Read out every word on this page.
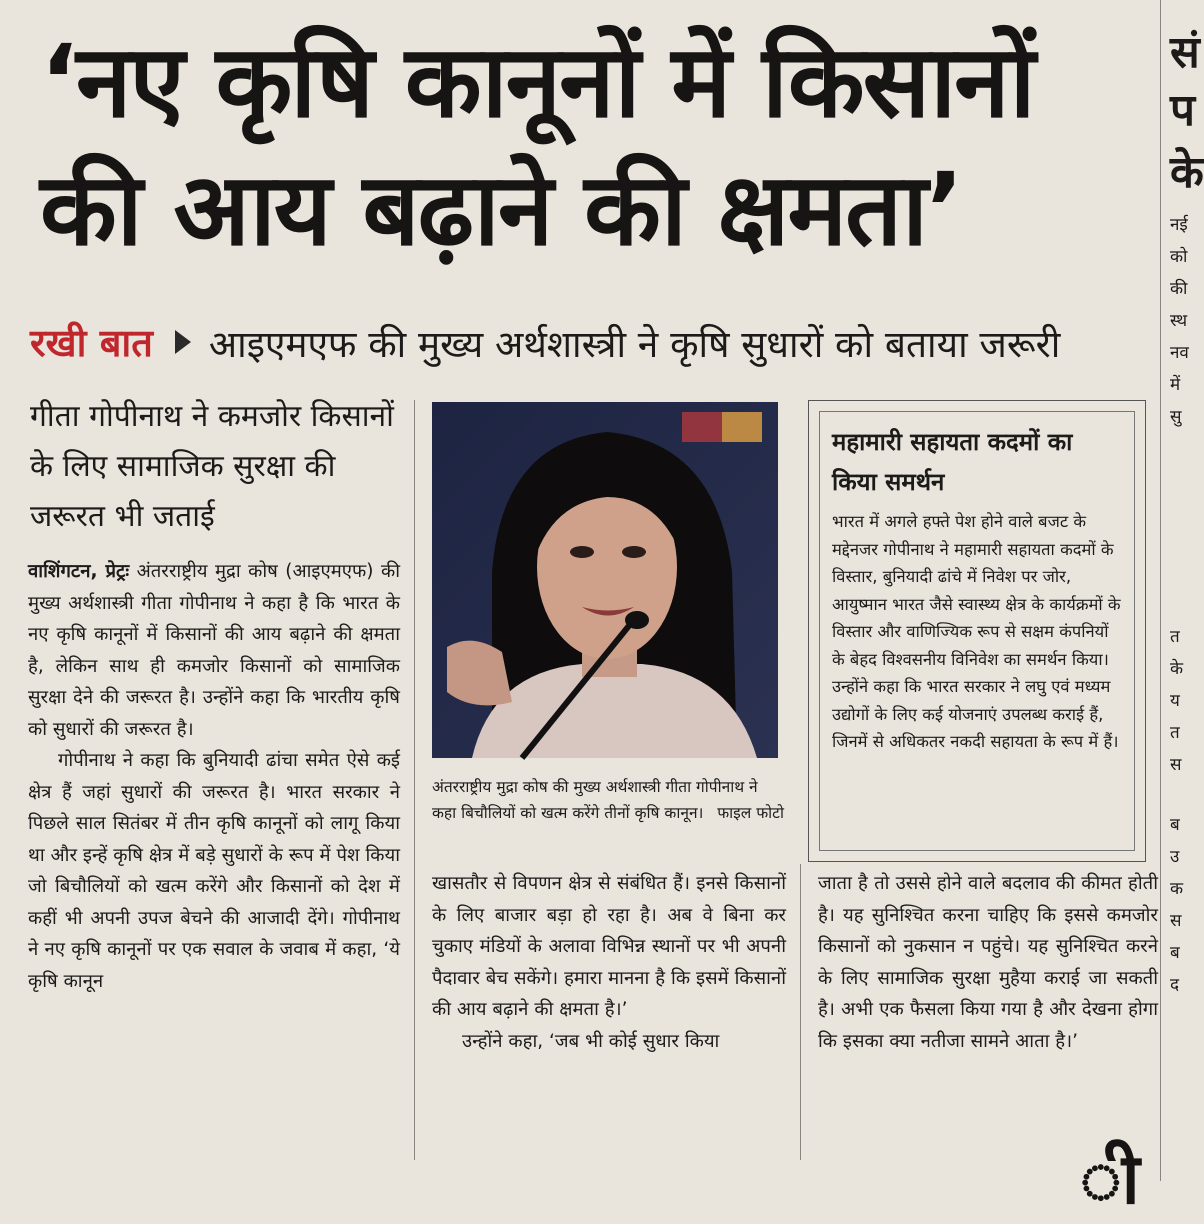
‘नए कृषि कानूनों में किसानों
की आय बढ़ाने की क्षमता’
रखी बात आइएमएफ की मुख्य अर्थशास्त्री ने कृषि सुधारों को बताया जरूरी
गीता गोपीनाथ ने कमजोर किसानों के लिए सामाजिक सुरक्षा की जरूरत भी जताई

वाशिंगटन, प्रेट्रः अंतरराष्ट्रीय मुद्रा कोष (आइएमएफ) की मुख्य अर्थशास्त्री गीता गोपीनाथ ने कहा है कि भारत के नए कृषि कानूनों में किसानों की आय बढ़ाने की क्षमता है, लेकिन साथ ही कमजोर किसानों को सामाजिक सुरक्षा देने की जरूरत है। उन्होंने कहा कि भारतीय कृषि को सुधारों की जरूरत है।

गोपीनाथ ने कहा कि बुनियादी ढांचा समेत ऐसे कई क्षेत्र हैं जहां सुधारों की जरूरत है। भारत सरकार ने पिछले साल सितंबर में तीन कृषि कानूनों को लागू किया था और इन्हें कृषि क्षेत्र में बड़े सुधारों के रूप में पेश किया जो बिचौलियों को खत्म करेंगे और किसानों को देश में कहीं भी अपनी उपज बेचने की आजादी देंगे। गोपीनाथ ने नए कृषि कानूनों पर एक सवाल के जवाब में कहा, ‘ये कृषि कानून

अंतरराष्ट्रीय मुद्रा कोष की मुख्य अर्थशास्त्री गीता गोपीनाथ ने कहा बिचौलियों को खत्म करेंगे तीनों कृषि कानून। फाइल फोटो

खासतौर से विपणन क्षेत्र से संबंधित हैं। इनसे किसानों के लिए बाजार बड़ा हो रहा है। अब वे बिना कर चुकाए मंडियों के अलावा विभिन्न स्थानों पर भी अपनी पैदावार बेच सकेंगे। हमारा मानना है कि इसमें किसानों की आय बढ़ाने की क्षमता है।’

उन्होंने कहा, ‘जब भी कोई सुधार किया

महामारी सहायता कदमों का किया समर्थन

भारत में अगले हफ्ते पेश होने वाले बजट के मद्देनजर गोपीनाथ ने महामारी सहायता कदमों के विस्तार, बुनियादी ढांचे में निवेश पर जोर, आयुष्मान भारत जैसे स्वास्थ्य क्षेत्र के कार्यक्रमों के विस्तार और वाणिज्यिक रूप से सक्षम कंपनियों के बेहद विश्वसनीय विनिवेश का समर्थन किया। उन्होंने कहा कि भारत सरकार ने लघु एवं मध्यम उद्योगों के लिए कई योजनाएं उपलब्ध कराई हैं, जिनमें से अधिकतर नकदी सहायता के रूप में हैं।

जाता है तो उससे होने वाले बदलाव की कीमत होती है। यह सुनिश्चित करना चाहिए कि इससे कमजोर किसानों को नुकसान न पहुंचे। यह सुनिश्चित करने के लिए सामाजिक सुरक्षा मुहैया कराई जा सकती है। अभी एक फैसला किया गया है और देखना होगा कि इसका क्या नतीजा सामने आता है।’

सं
प
के
नई
को
की
स्थ
नव
में
सु
त
के
य
त
स
ब
उ
क
स
ब
द
ी
